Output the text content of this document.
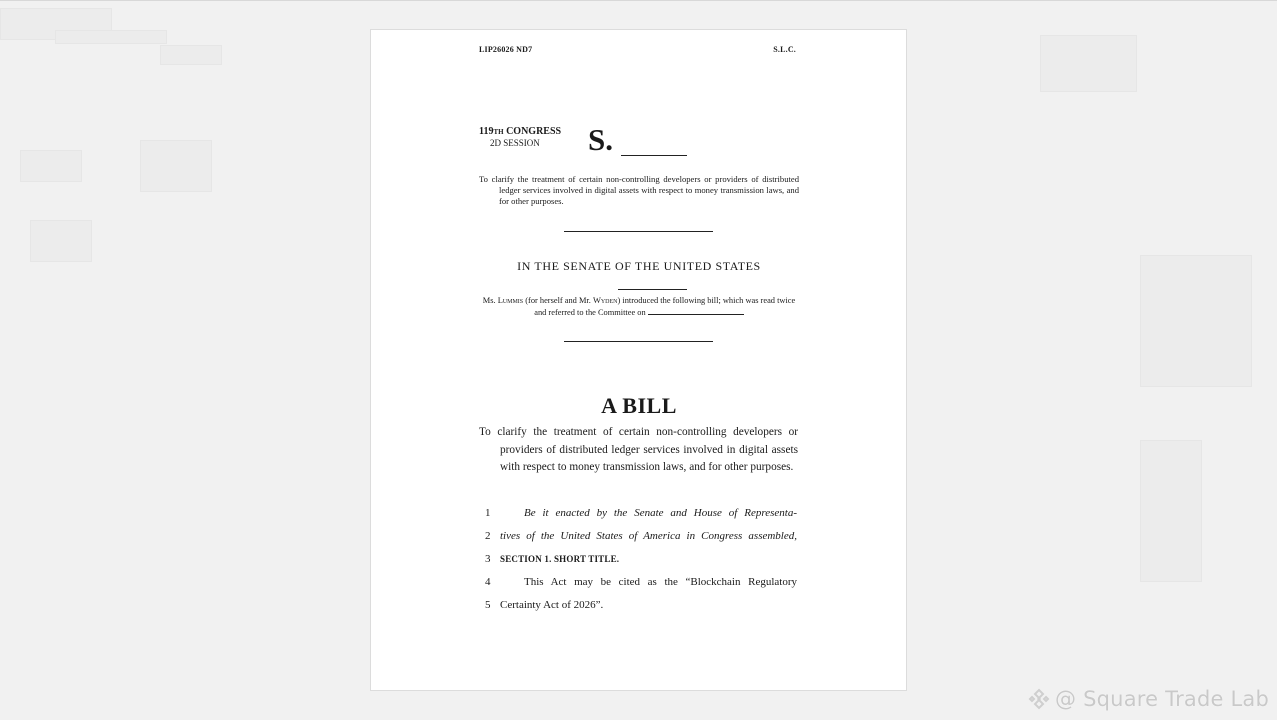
LIP26026 ND7	S.L.C.
119TH CONGRESS
2D SESSION	S.
To clarify the treatment of certain non-controlling developers or providers of distributed ledger services involved in digital assets with respect to money transmission laws, and for other purposes.
IN THE SENATE OF THE UNITED STATES
Ms. Lummis (for herself and Mr. Wyden) introduced the following bill; which was read twice and referred to the Committee on
A BILL
To clarify the treatment of certain non-controlling developers or providers of distributed ledger services involved in digital assets with respect to money transmission laws, and for other purposes.
1	Be it enacted by the Senate and House of Representa-
2 tives of the United States of America in Congress assembled,
3 SECTION 1. SHORT TITLE.
4	This Act may be cited as the “Blockchain Regulatory
5 Certainty Act of 2026”.
@ Square Trade Lab
